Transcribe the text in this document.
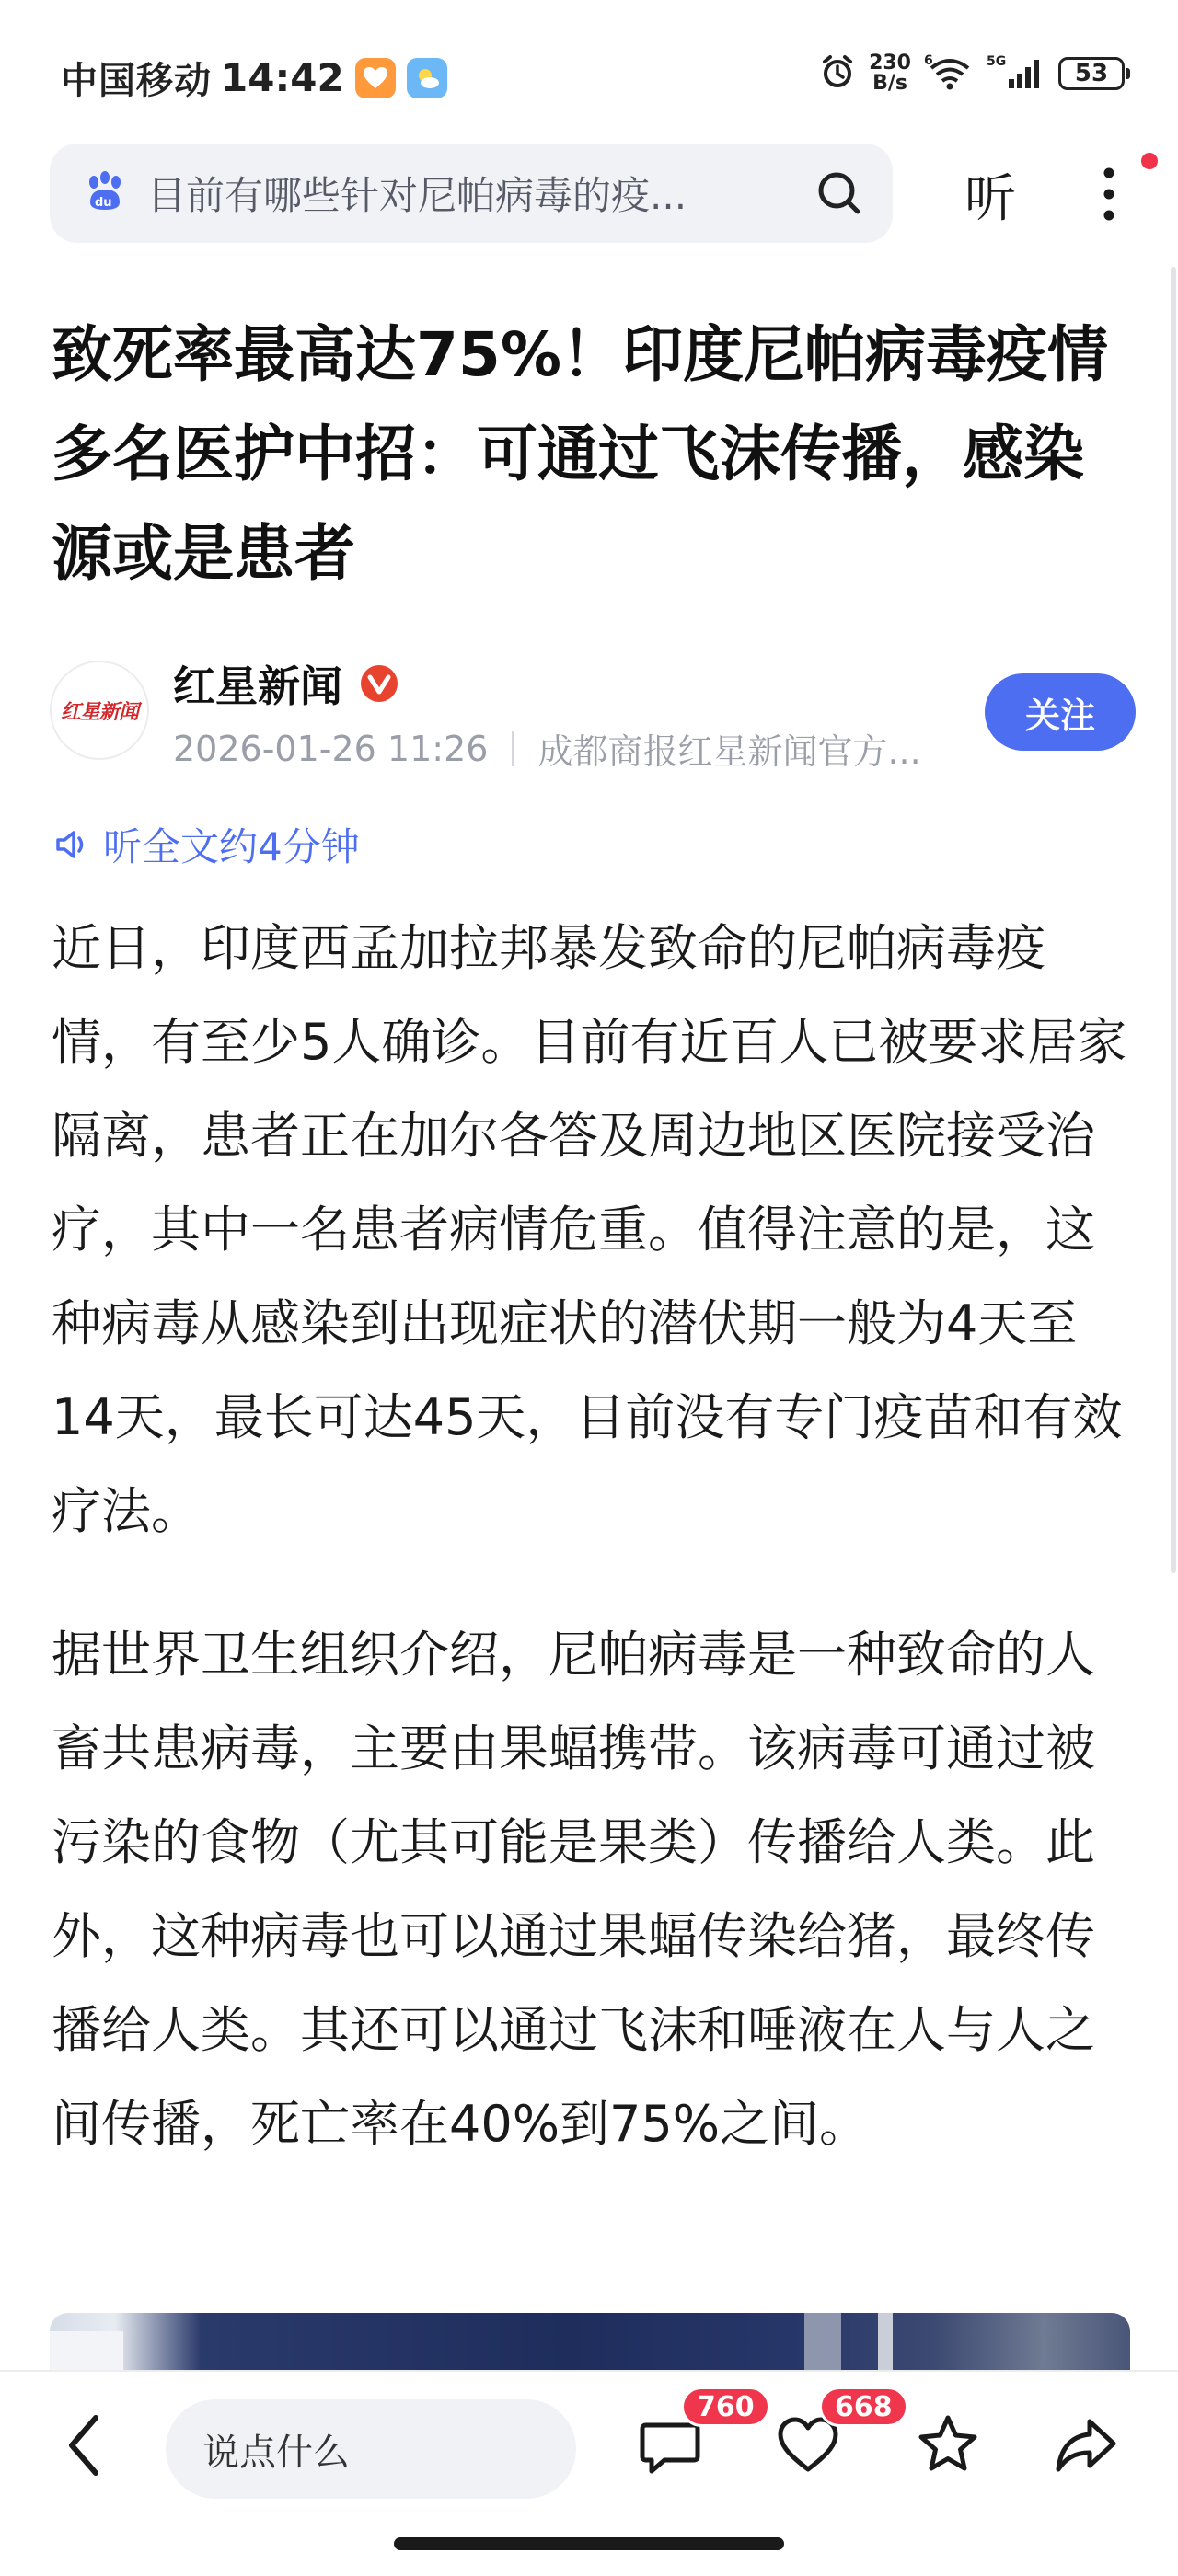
中国移动 14:42	230
B/s
6	5G	53
du 目前有哪些针对尼帕病毒的疫...	听
致死率最高达75%！印度尼帕病毒疫情多名医护中招：可通过飞沫传播，感染源或是患者
红星新闻
红星新闻
2026-01-26 11:26 成都商报红星新闻官方...
关注
听全文约4分钟

近日，印度西孟加拉邦暴发致命的尼帕病毒疫情，有至少5人确诊。目前有近百人已被要求居家隔离，患者正在加尔各答及周边地区医院接受治疗，其中一名患者病情危重。值得注意的是，这种病毒从感染到出现症状的潜伏期一般为4天至14天，最长可达45天，目前没有专门疫苗和有效疗法。

据世界卫生组织介绍，尼帕病毒是一种致命的人畜共患病毒，主要由果蝠携带。该病毒可通过被污染的食物（尤其可能是果类）传播给人类。此外，这种病毒也可以通过果蝠传染给猪，最终传播给人类。其还可以通过飞沫和唾液在人与人之间传播，死亡率在40%到75%之间。

说点什么
760	668
